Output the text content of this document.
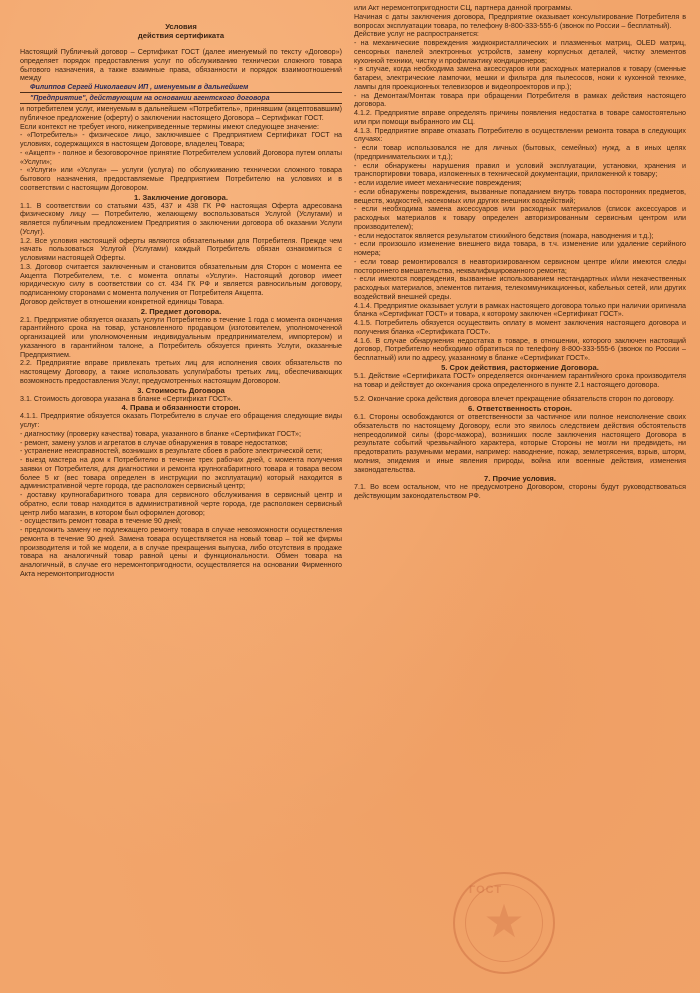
Условия

действия сертификата

Настоящий Публичный договор – Сертификат ГОСТ (далее именуемый по тексту «Договор») определяет порядок предоставления услуг по обслуживанию технически сложного товара бытового назначения, а также взаимные права, обязанности и порядок взаимоотношений между

Филиппов Сергей Николаевич ИП , именуемым в дальнейшем

"Предприятие", действующим на основании агентского договора

и потребителем услуг, именуемым в дальнейшем «Потребитель», принявшим (акцептовавшим) публичное предложение (оферту) о заключении настоящего Договора – Сертификат ГОСТ.

Если контекст не требует иного, нижеприведенные термины имеют следующее значение:

- «Потребитель» - физическое лицо, заключившее с Предприятием Сертификат ГОСТ на условиях, содержащихся в настоящем Договоре, владелец Товара;

- «Акцепт» - полное и безоговорочное принятие Потребителем условий Договора путем оплаты «Услуги»;

- «Услуги» или «Услуга» — услуги (услуга) по обслуживанию технически сложного товара бытового назначения, предоставляемые Предприятием Потребителю на условиях и в соответствии с настоящим Договором.

1. Заключение договора.

1.1. В соответствии со статьями 435, 437 и 438 ГК РФ настоящая Оферта адресована физическому лицу — Потребителю, желающему воспользоваться Услугой (Услугами) и является публичным предложением Предприятия о заключении договора об оказании Услуги (Услуг).

1.2. Все условия настоящей оферты являются обязательными для Потребителя. Прежде чем начать пользоваться Услугой (Услугами) каждый Потребитель обязан ознакомиться с условиями настоящей Оферты.

1.3. Договор считается заключенным и становится обязательным для Сторон с момента ее Акцепта Потребителем, т.е. с момента оплаты «Услуги». Настоящий договор имеет юридическую силу в соответствии со ст. 434 ГК РФ и является равносильным договору, подписанному сторонами с момента получения от Потребителя Акцепта.

Договор действует в отношении конкретной единицы Товара.

2. Предмет договора.

2.1. Предприятие обязуется оказать услуги Потребителю в течение 1 года с момента окончания гарантийного срока на товар, установленного продавцом (изготовителем, уполномоченной организацией или уполномоченным индивидуальным предпринимателем, импортером) и указанного в гарантийном талоне, а Потребитель обязуется принять Услуги, оказанные Предприятием.

2.2. Предприятие вправе привлекать третьих лиц для исполнения своих обязательств по настоящему Договору, а также использовать услуги/работы третьих лиц, обеспечивающих возможность предоставления Услуг, предусмотренных настоящим Договором.

3. Стоимость Договора

3.1. Стоимость договора указана в бланке «Сертификат ГОСТ».

4. Права и обязанности сторон.

4.1.1. Предприятие обязуется оказать Потребителю в случае его обращения следующие виды услуг:

- диагностику (проверку качества) товара, указанного в бланке «Сертификат ГОСТ»;

- ремонт, замену узлов и агрегатов в случае обнаружения в товаре недостатков;

- устранение неисправностей, возникших в результате сбоев в работе электрической сети;

- выезд мастера на дом к Потребителю в течение трех рабочих дней, с момента получения заявки от Потребителя, для диагностики и ремонта крупногабаритного товара и товара весом более 5 кг (вес товара определен в инструкции по эксплуатации) который находится в административной черте города, где расположен сервисный центр;

- доставку крупногабаритного товара для сервисного обслуживания в сервисный центр и обратно, если товар находится в административной черте города, где расположен сервисный центр либо магазин, в котором был оформлен договор;

- осуществить ремонт товара в течение 90 дней;

- предложить замену не подлежащего ремонту товара в случае невозможности осуществления ремонта в течение 90 дней. Замена товара осуществляется на новый товар – той же фирмы производителя и той же модели, а в случае прекращения выпуска, либо отсутствия в продаже товара на аналогичный товар равной цены и функциональности. Обмен товара на аналогичный, в случае его неремонтопригодности, осуществляется на основании Фирменного Акта неремонтопригодности

или Акт неремонтопригодности СЦ, партнера данной программы.

Начиная с даты заключения договора, Предприятие оказывает консультирование Потребителя в вопросах эксплуатации товара, по телефону 8-800-333-555-6 (звонок по России – бесплатный).

Действие услуг не распространяется:

- на механические повреждения жидкокристаллических и плазменных матриц, OLED матриц, сенсорных панелей электронных устройств, замену корпусных деталей, чистку элементов кухонной техники, чистку и профилактику кондиционеров;

- в случае, когда необходима замена аксессуаров или расходных материалов к товару (сменные батареи, электрические лампочки, мешки и фильтра для пылесосов, ножи к кухонной технике, лампы для проекционных телевизоров и видеопроекторов и пр.);

- на Демонтаж/Монтаж товара при обращении Потребителя в рамках действия настоящего договора.

4.1.2. Предприятие вправе определять причины появления недостатка в товаре самостоятельно или при помощи выбранного им СЦ.

4.1.3. Предприятие вправе отказать Потребителю в осуществлении ремонта товара в следующих случаях:

- если товар использовался не для личных (бытовых, семейных) нужд, а в иных целях (предпринимательских и т.д.);

- если обнаружены нарушения правил и условий эксплуатации, установки, хранения и транспортировки товара, изложенных в технической документации, приложенной к товару;

- если изделие имеет механические повреждения;

- если обнаружены повреждения, вызванные попаданием внутрь товара посторонних предметов, веществ, жидкостей, насекомых или других внешних воздействий;

- если необходима замена аксессуаров или расходных материалов (список аксессуаров и расходных материалов к товару определен авторизированным сервисным центром или производителем);

- если недостаток является результатом стихийного бедствия (пожара, наводнения и т.д.);

- если произошло изменение внешнего вида товара, в т.ч. изменение или удаление серийного номера;

- если товар ремонтировался в неавторизированном сервисном центре и/или имеются следы постороннего вмешательства, неквалифицированного ремонта;

- если имеются повреждения, вызванные использованием нестандартных и/или некачественных расходных материалов, элементов питания, телекоммуникационных, кабельных сетей, или других воздействий внешней среды.

4.1.4. Предприятие оказывает услуги в рамках настоящего договора только при наличии оригинала бланка «Сертификат ГОСТ» и товара, к которому заключен «Сертификат ГОСТ».

4.1.5. Потребитель обязуется осуществить оплату в момент заключения настоящего договора и получения бланка «Сертификата ГОСТ».

4.1.6. В случае обнаружения недостатка в товаре, в отношении, которого заключен настоящий договор, Потребителю необходимо обратиться по телефону 8-800-333-555-6 (звонок по России – бесплатный) или по адресу, указанному в бланке «Сертификат ГОСТ».

5. Срок действия, расторжение Договора.

5.1. Действие «Сертификата ГОСТ» определяется окончанием гарантийного срока производителя на товар и действует до окончания срока определенного в пункте 2.1 настоящего договора.

5.2. Окончание срока действия договора влечет прекращение обязательств сторон по договору.

6. Ответственность сторон.

6.1. Стороны освобождаются от ответственности за частичное или полное неисполнение своих обязательств по настоящему Договору, если это явилось следствием действия обстоятельств непреодолимой силы (форс-мажора), возникших после заключения настоящего Договора в результате событий чрезвычайного характера, которые Стороны не могли ни предвидеть, ни предотвратить разумными мерами, например: наводнение, пожар, землетрясения, взрыв, шторм, молния, эпидемия и иные явления природы, война или военные действия, изменения законодательства.

7. Прочие условия.

7.1. Во всем остальном, что не предусмотрено Договором, стороны будут руководствоваться действующим законодательством РФ.

ГОСТ
★
